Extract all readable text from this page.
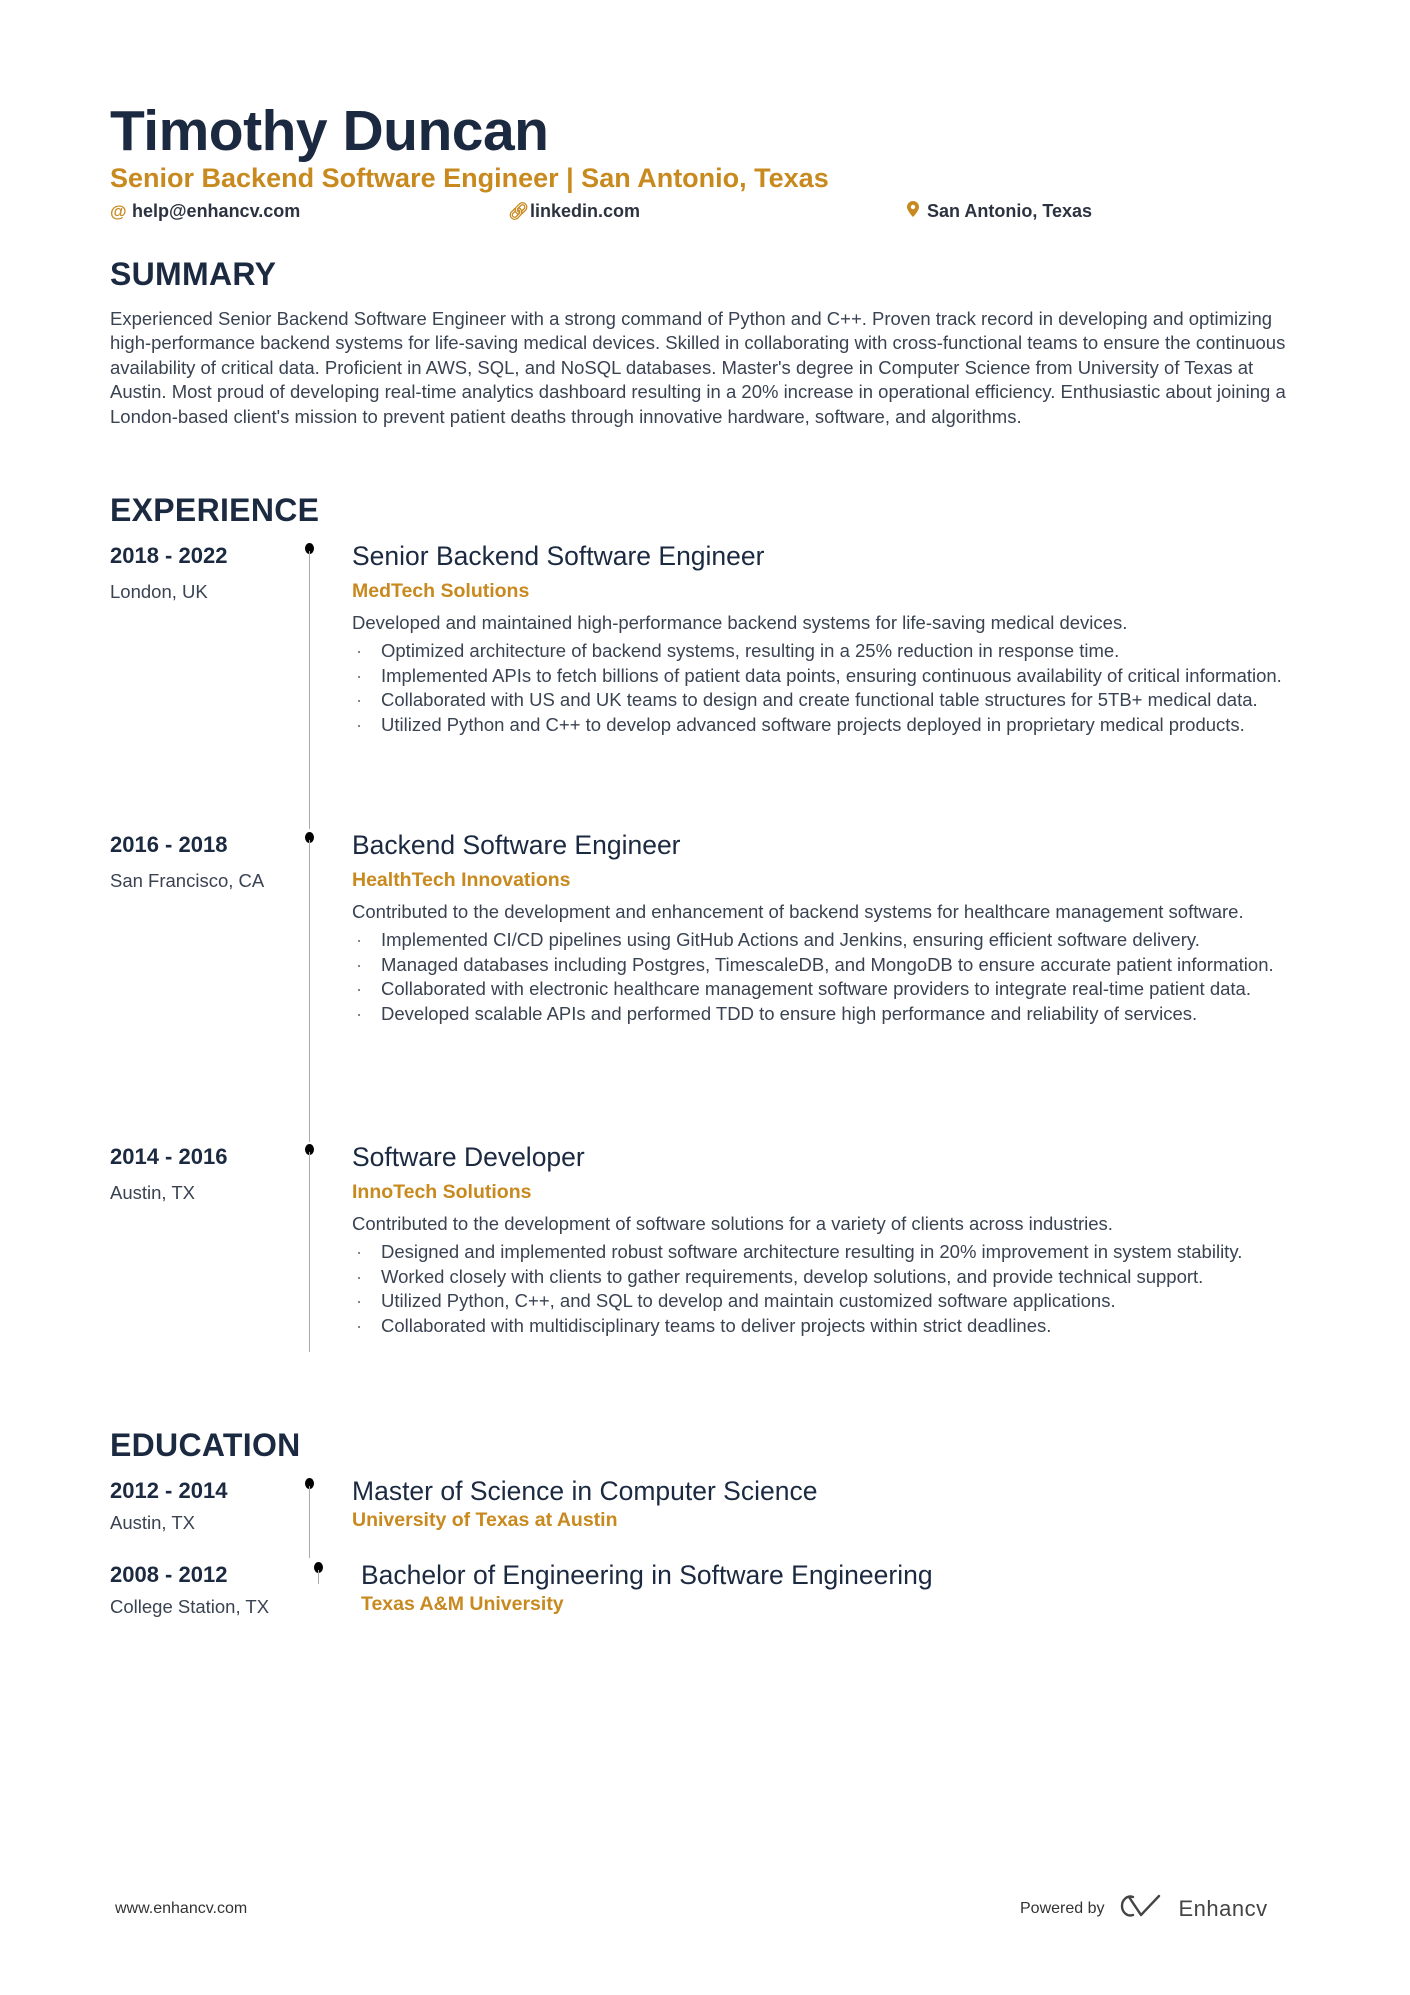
Timothy Duncan
Senior Backend Software Engineer | San Antonio, Texas
@ help@enhancv.com	🔗︎ linkedin.com	San Antonio, Texas
SUMMARY
Experienced Senior Backend Software Engineer with a strong command of Python and C++. Proven track record in developing and optimizing high-performance backend systems for life-saving medical devices. Skilled in collaborating with cross-functional teams to ensure the continuous availability of critical data. Proficient in AWS, SQL, and NoSQL databases. Master's degree in Computer Science from University of Texas at Austin. Most proud of developing real-time analytics dashboard resulting in a 20% increase in operational efficiency. Enthusiastic about joining a London-based client's mission to prevent patient deaths through innovative hardware, software, and algorithms.
EXPERIENCE
2018 - 2022
London, UK
Senior Backend Software Engineer
MedTech Solutions
Developed and maintained high-performance backend systems for life-saving medical devices.
· Optimized architecture of backend systems, resulting in a 25% reduction in response time.
· Implemented APIs to fetch billions of patient data points, ensuring continuous availability of critical information.
· Collaborated with US and UK teams to design and create functional table structures for 5TB+ medical data.
· Utilized Python and C++ to develop advanced software projects deployed in proprietary medical products.
2016 - 2018
San Francisco, CA
Backend Software Engineer
HealthTech Innovations
Contributed to the development and enhancement of backend systems for healthcare management software.
· Implemented CI/CD pipelines using GitHub Actions and Jenkins, ensuring efficient software delivery.
· Managed databases including Postgres, TimescaleDB, and MongoDB to ensure accurate patient information.
· Collaborated with electronic healthcare management software providers to integrate real-time patient data.
· Developed scalable APIs and performed TDD to ensure high performance and reliability of services.
2014 - 2016
Austin, TX
Software Developer
InnoTech Solutions
Contributed to the development of software solutions for a variety of clients across industries.
· Designed and implemented robust software architecture resulting in 20% improvement in system stability.
· Worked closely with clients to gather requirements, develop solutions, and provide technical support.
· Utilized Python, C++, and SQL to develop and maintain customized software applications.
· Collaborated with multidisciplinary teams to deliver projects within strict deadlines.
EDUCATION
2012 - 2014
Austin, TX
Master of Science in Computer Science
University of Texas at Austin
2008 - 2012
College Station, TX
Bachelor of Engineering in Software Engineering
Texas A&M University
www.enhancv.com	Powered by	Enhancv
